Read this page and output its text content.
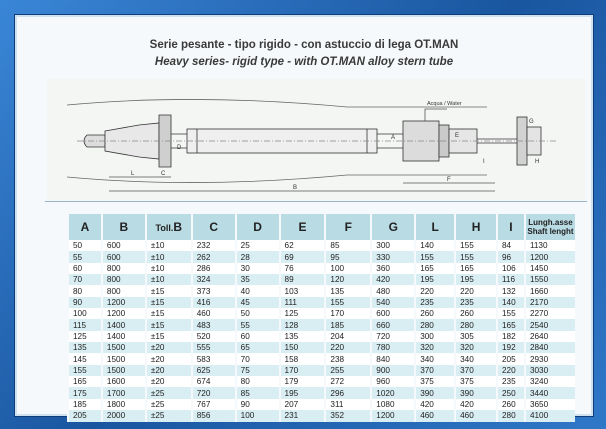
Serie pesante - tipo rigido - con astuccio di lega OT.MAN
Heavy series- rigid type - with OT.MAN alloy stern tube
Acqua / Water
L	C
B
F
D
E
A
G
I	H
A	B	Toll.B	C	D	E	F	G	L	H	I	Lungh.asse
Shaft lenght
50	600	±10	232	25	62	85	300	140	155	84	1130
55	600	±10	262	28	69	95	330	155	155	96	1200
60	800	±10	286	30	76	100	360	165	165	106	1450
70	800	±10	324	35	89	120	420	195	195	116	1550
80	800	±15	373	40	103	135	480	220	220	132	1660
90	1200	±15	416	45	111	155	540	235	235	140	2170
100	1200	±15	460	50	125	170	600	260	260	155	2270
115	1400	±15	483	55	128	185	660	280	280	165	2540
125	1400	±15	520	60	135	204	720	300	305	182	2640
135	1500	±20	555	65	150	220	780	320	320	192	2840
145	1500	±20	583	70	158	238	840	340	340	205	2930
155	1500	±20	625	75	170	255	900	370	370	220	3030
165	1600	±20	674	80	179	272	960	375	375	235	3240
175	1700	±25	720	85	195	296	1020	390	390	250	3440
185	1800	±25	767	90	207	311	1080	420	420	260	3650
205	2000	±25	856	100	231	352	1200	460	460	280	4100
